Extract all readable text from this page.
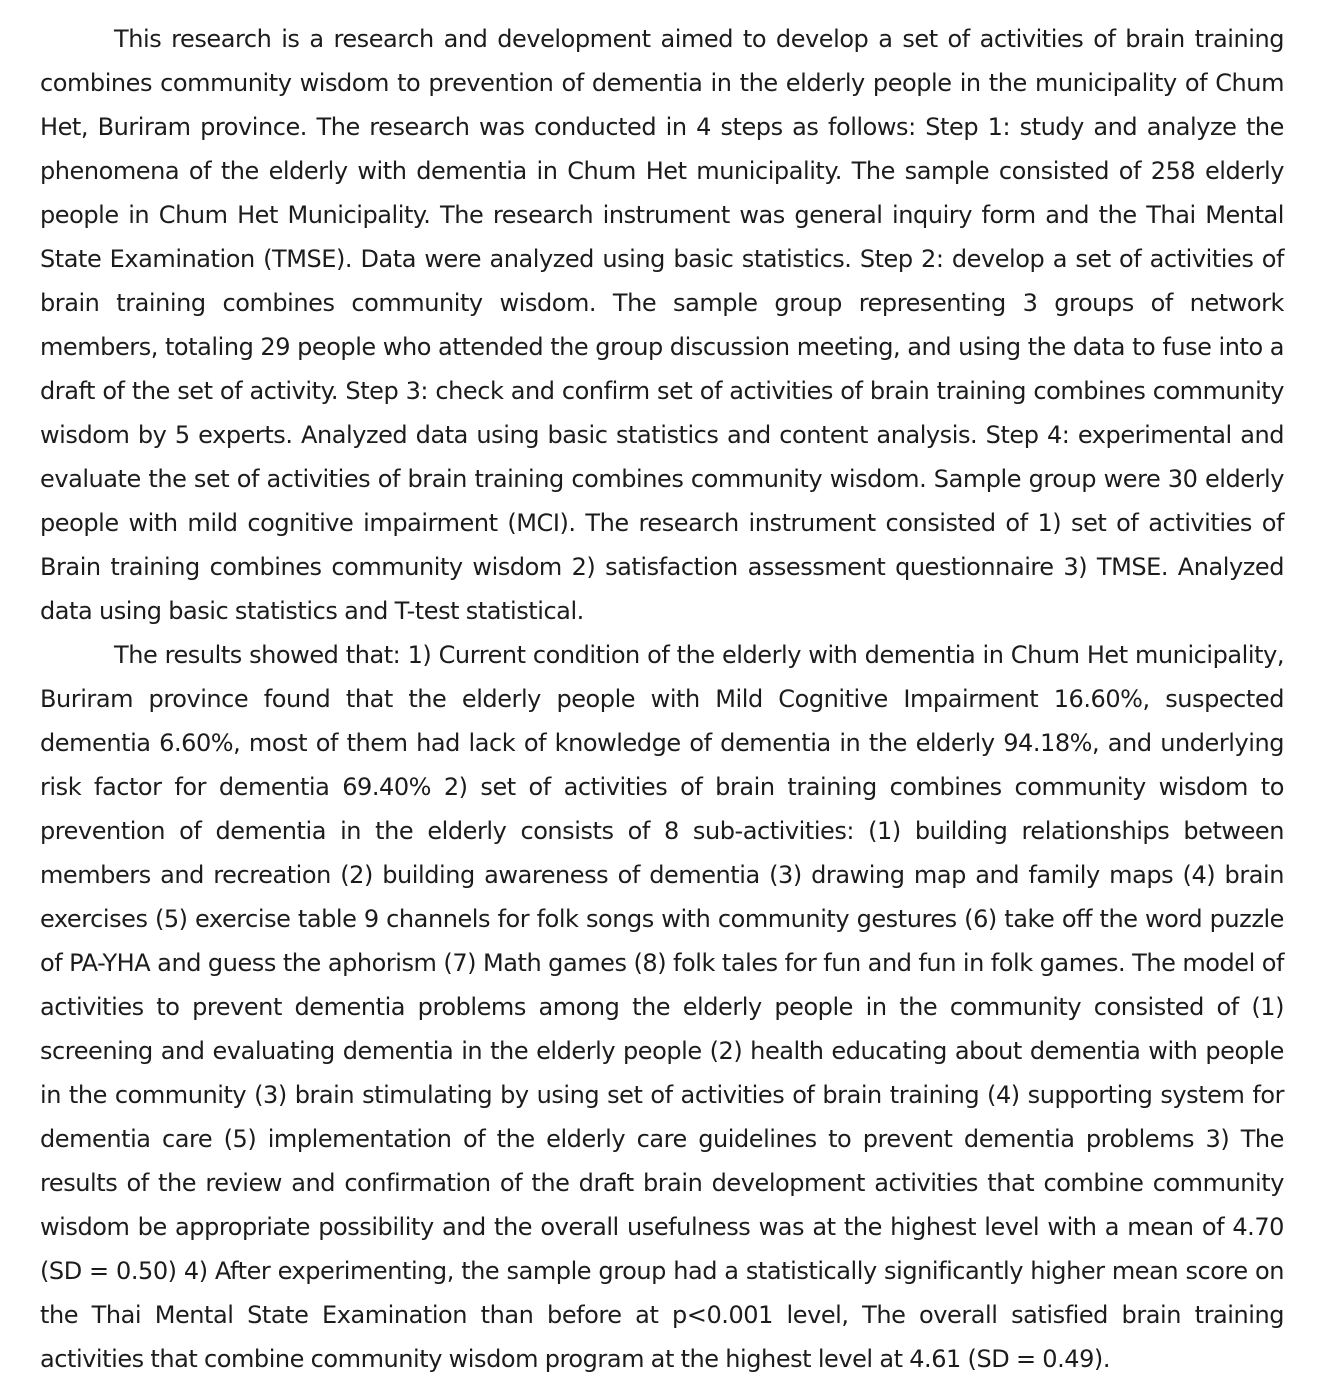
This research is a research and development aimed to develop a set of activities of brain training combines community wisdom to prevention of dementia in the elderly people in the municipality of Chum Het, Buriram province. The research was conducted in 4 steps as follows: Step 1: study and analyze the phenomena of the elderly with dementia in Chum Het municipality. The sample consisted of 258 elderly people in Chum Het Municipality. The research instrument was general inquiry form and the Thai Mental State Examination (TMSE). Data were analyzed using basic statistics. Step 2: develop a set of activities of brain training combines community wisdom. The sample group representing 3 groups of network members, totaling 29 people who attended the group discussion meeting, and using the data to fuse into a draft of the set of activity. Step 3: check and confirm set of activities of brain training combines community wisdom by 5 experts. Analyzed data using basic statistics and content analysis. Step 4: experimental and evaluate the set of activities of brain training combines community wisdom. Sample group were 30 elderly people with mild cognitive impairment (MCI). The research instrument consisted of 1) set of activities of Brain training combines community wisdom 2) satisfaction assessment questionnaire 3) TMSE. Analyzed data using basic statistics and T-test statistical.

The results showed that: 1) Current condition of the elderly with dementia in Chum Het municipality, Buriram province found that the elderly people with Mild Cognitive Impairment 16.60%, suspected dementia 6.60%, most of them had lack of knowledge of dementia in the elderly 94.18%, and underlying risk factor for dementia 69.40% 2) set of activities of brain training combines community wisdom to prevention of dementia in the elderly consists of 8 sub-activities: (1) building relationships between members and recreation (2) building awareness of dementia (3) drawing map and family maps (4) brain exercises (5) exercise table 9 channels for folk songs with community gestures (6) take off the word puzzle of PA-YHA and guess the aphorism (7) Math games (8) folk tales for fun and fun in folk games. The model of activities to prevent dementia problems among the elderly people in the community consisted of (1) screening and evaluating dementia in the elderly people (2) health educating about dementia with people in the community (3) brain stimulating by using set of activities of brain training (4) supporting system for dementia care (5) implementation of the elderly care guidelines to prevent dementia problems 3) The results of the review and confirmation of the draft brain development activities that combine community wisdom be appropriate possibility and the overall usefulness was at the highest level with a mean of 4.70 (SD = 0.50) 4) After experimenting, the sample group had a statistically significantly higher mean score on the Thai Mental State Examination than before at p<0.001 level, The overall satisfied brain training activities that combine community wisdom program at the highest level at 4.61 (SD = 0.49).
